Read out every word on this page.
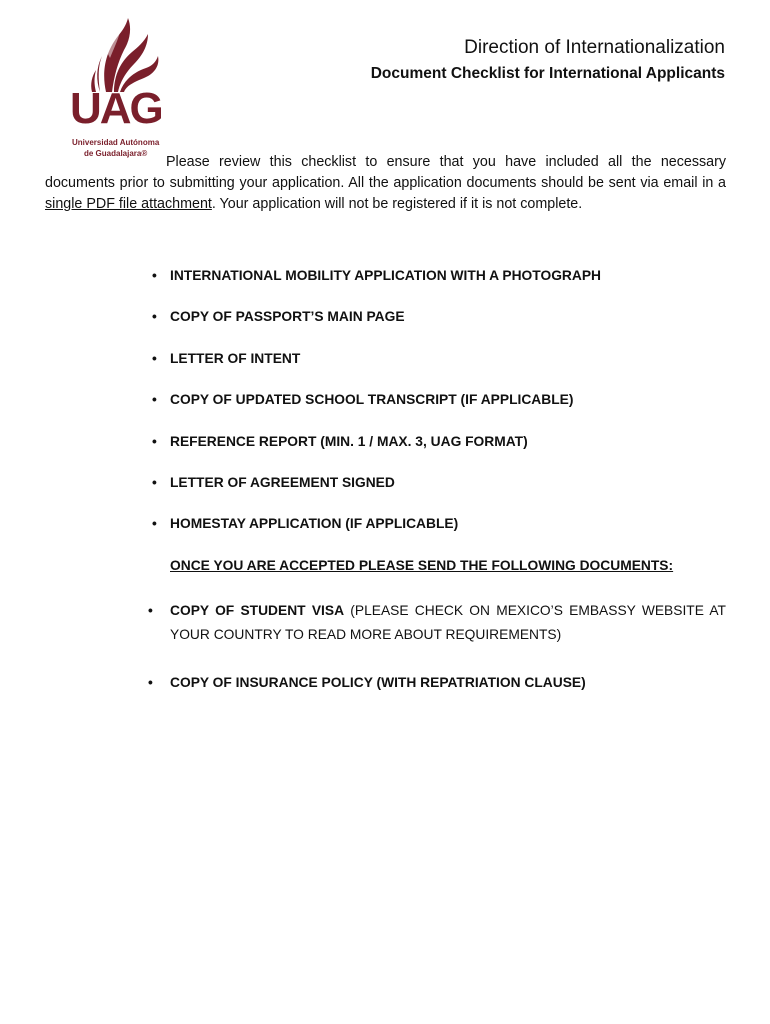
UAG
Universidad Autónoma
de Guadalajara®
Direction of Internationalization
Document Checklist for International Applicants

Please review this checklist to ensure that you have included all the necessary documents prior to submitting your application. All the application documents should be sent via email in a single PDF file attachment. Your application will not be registered if it is not complete.

• INTERNATIONAL MOBILITY APPLICATION WITH A PHOTOGRAPH
• COPY OF PASSPORT’S MAIN PAGE
• LETTER OF INTENT
• COPY OF UPDATED SCHOOL TRANSCRIPT (IF APPLICABLE)
• REFERENCE REPORT (MIN. 1 / MAX. 3, UAG FORMAT)
• LETTER OF AGREEMENT SIGNED
• HOMESTAY APPLICATION (IF APPLICABLE)
ONCE YOU ARE ACCEPTED PLEASE SEND THE FOLLOWING DOCUMENTS:
• COPY OF STUDENT VISA (PLEASE CHECK ON MEXICO’S EMBASSY WEBSITE AT YOUR COUNTRY TO READ MORE ABOUT REQUIREMENTS)
• COPY OF INSURANCE POLICY (WITH REPATRIATION CLAUSE)
